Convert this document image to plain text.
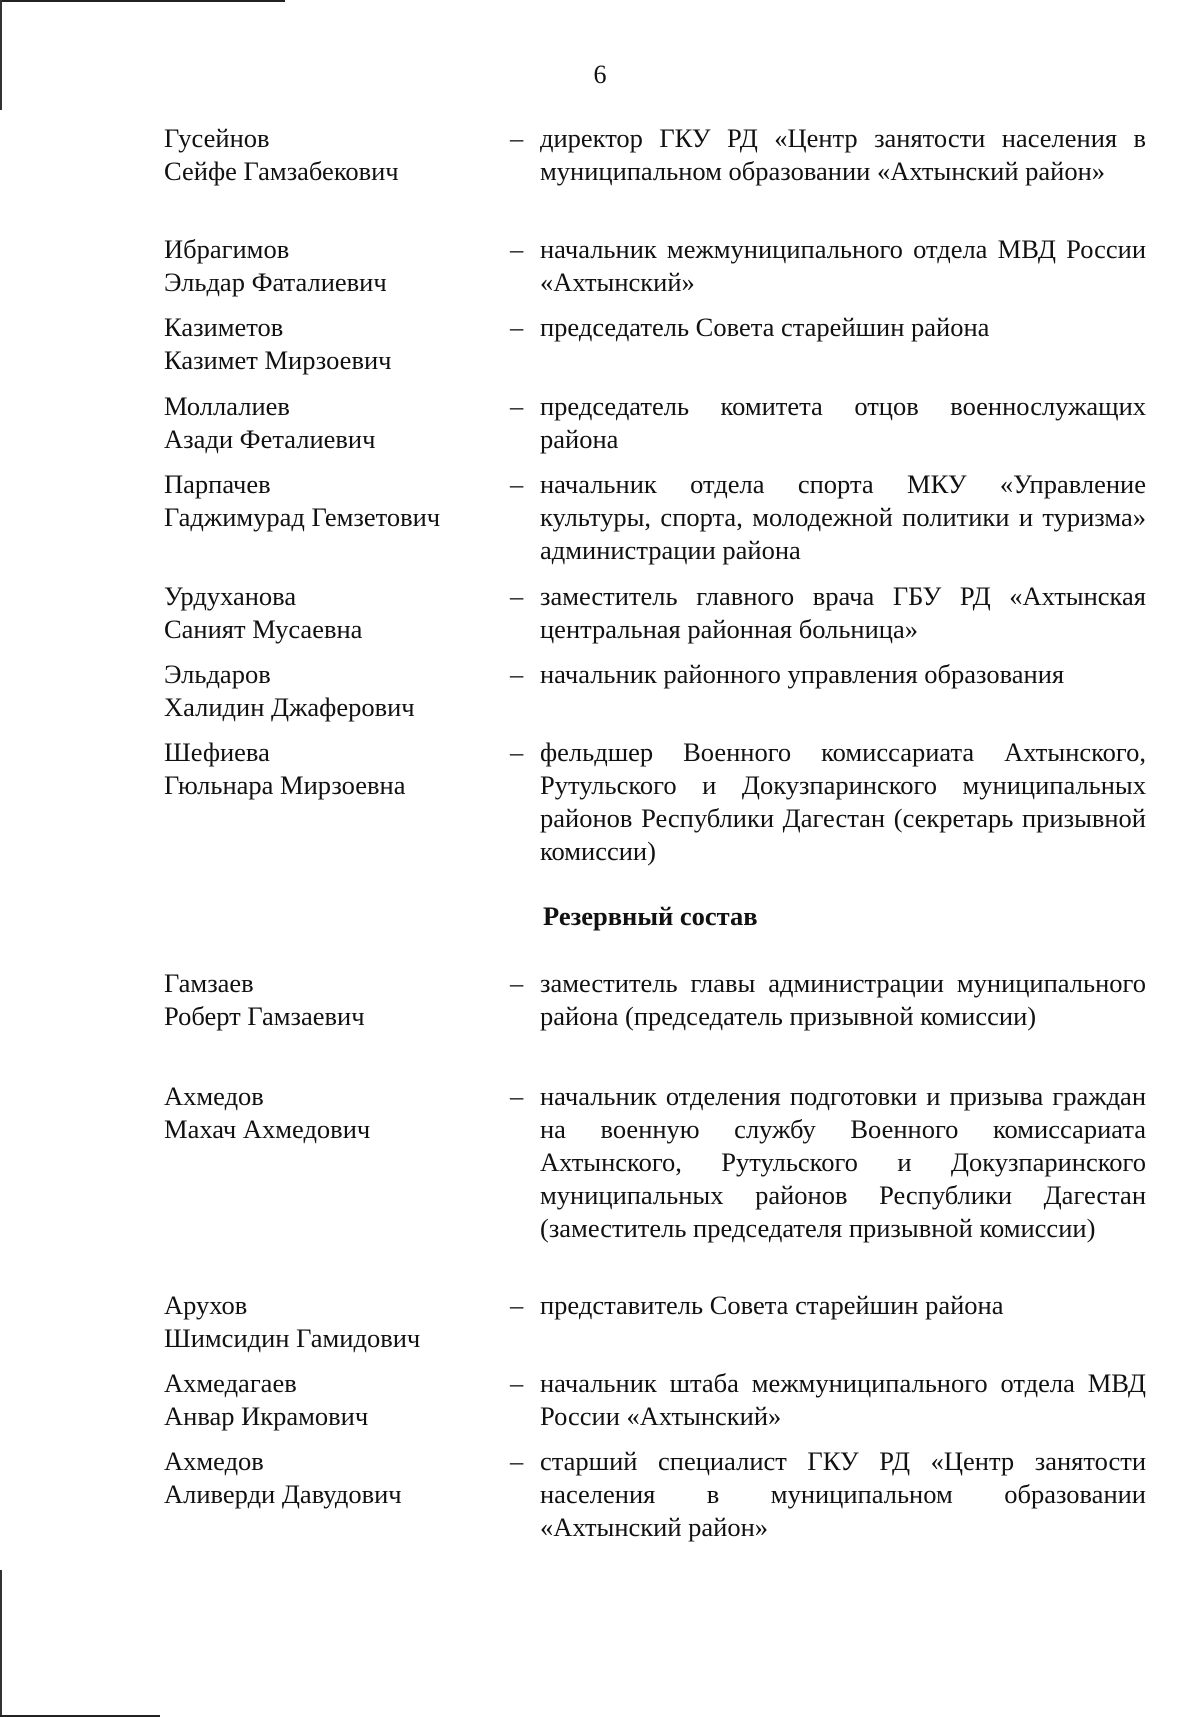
6
Гусейнов
Сейфе Гамзабекович
– директор ГКУ РД «Центр занятости населения в муниципальном образовании «Ахтынский район»
Ибрагимов
Эльдар Фаталиевич
– начальник межмуниципального отдела МВД России «Ахтынский»
Казиметов
Казимет Мирзоевич
– председатель Совета старейшин района
Моллалиев
Азади Феталиевич
– председатель комитета отцов военнослужащих района
Парпачев
Гаджимурад Гемзетович
– начальник отдела спорта МКУ «Управление культуры, спорта, молодежной политики и туризма» администрации района
Урдуханова
Саният Мусаевна
– заместитель главного врача ГБУ РД «Ахтынская центральная районная больница»
Эльдаров
Халидин Джаферович
– начальник районного управления образования
Шефиева
Гюльнара Мирзоевна
– фельдшер Военного комиссариата Ахтынского, Рутульского и Докузпаринского муниципальных районов Республики Дагестан (секретарь призывной комиссии)
Резервный состав
Гамзаев
Роберт Гамзаевич
– заместитель главы администрации муниципального района (председатель призывной комиссии)
Ахмедов
Махач Ахмедович
– начальник отделения подготовки и призыва граждан на военную службу Военного комиссариата Ахтынского, Рутульского и Докузпаринского муниципальных районов Республики Дагестан (заместитель председателя призывной комиссии)
Арухов
Шимсидин Гамидович
– представитель Совета старейшин района
Ахмедагаев
Анвар Икрамович
– начальник штаба межмуниципального отдела МВД России «Ахтынский»
Ахмедов
Аливерди Давудович
– старший специалист ГКУ РД «Центр занятости населения в муниципальном образовании «Ахтынский район»
